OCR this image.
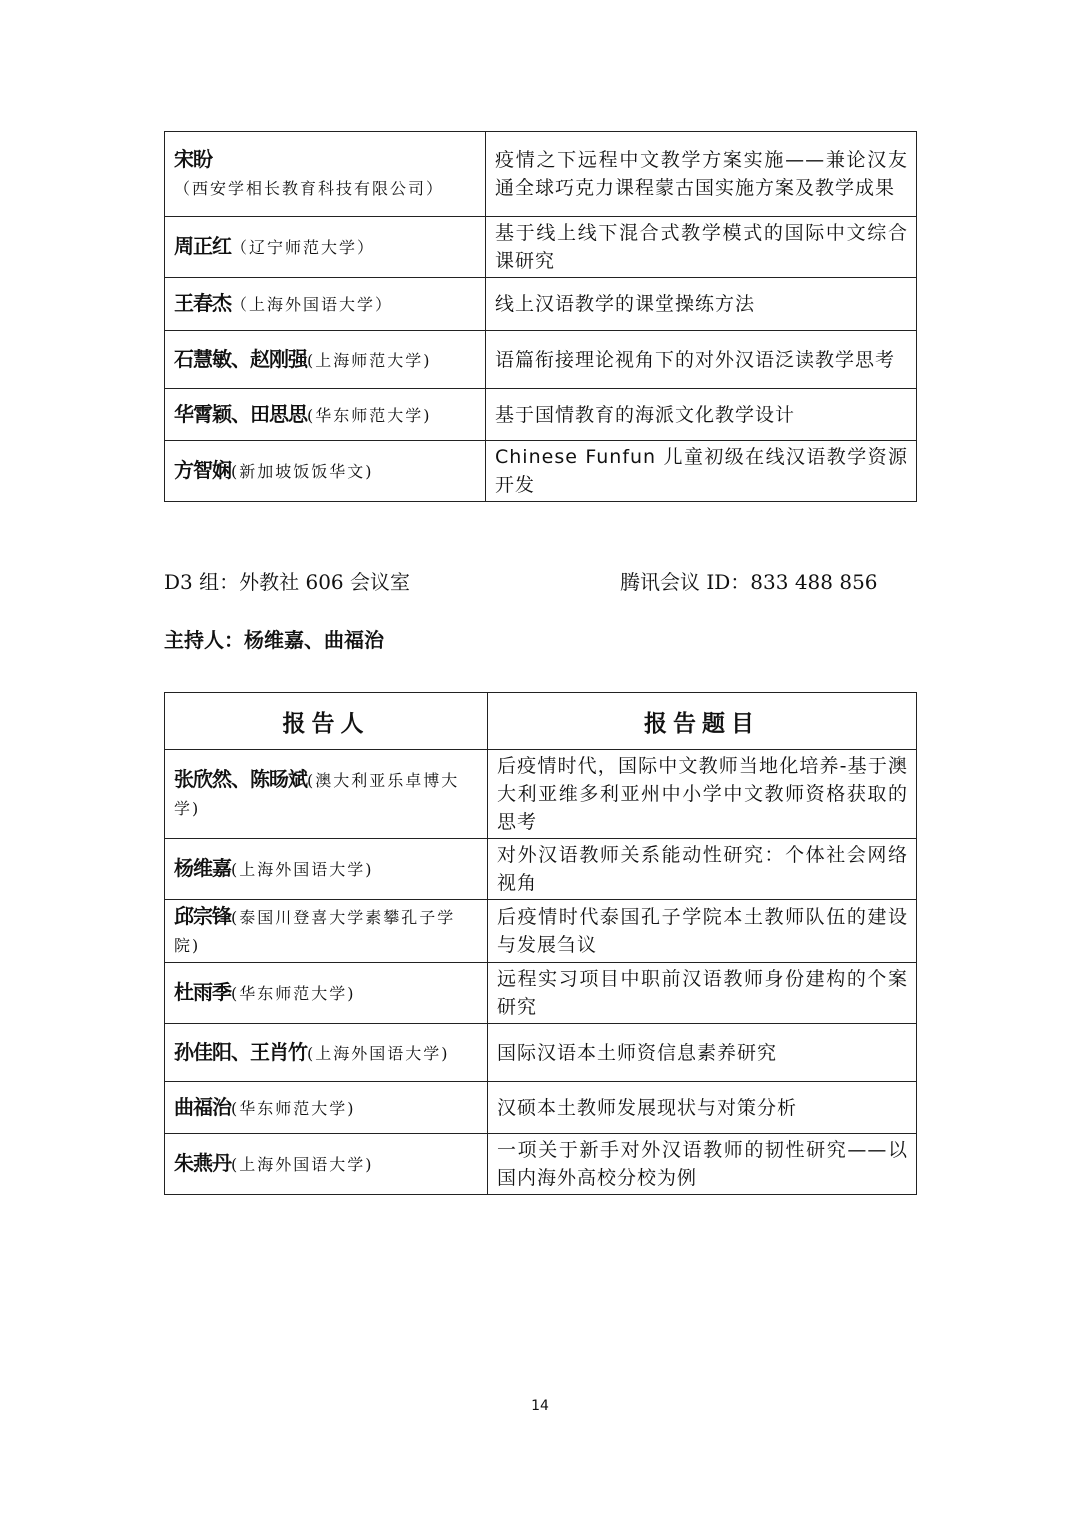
宋盼（西安学相长教育科技有限公司）	疫情之下远程中文教学方案实施——兼论汉友通全球巧克力课程蒙古国实施方案及教学成果
周正红（辽宁师范大学）	基于线上线下混合式教学模式的国际中文综合课研究
王春杰（上海外国语大学）	线上汉语教学的课堂操练方法
石慧敏、赵刚强(上海师范大学)	语篇衔接理论视角下的对外汉语泛读教学思考
华霄颖、田思思(华东师范大学)	基于国情教育的海派文化教学设计
方智娴(新加坡饭饭华文)	Chinese Funfun 儿童初级在线汉语教学资源开发
D3 组：外教社 606 会议室	腾讯会议 ID：833 488 856
主持人：杨维嘉、曲福治
报告人	报告题目
张欣然、陈旸斌(澳大利亚乐卓博大学)	后疫情时代，国际中文教师当地化培养-基于澳大利亚维多利亚州中小学中文教师资格获取的思考
杨维嘉(上海外国语大学)	对外汉语教师关系能动性研究：个体社会网络视角
邱宗锋(泰国川登喜大学素攀孔子学院)	后疫情时代泰国孔子学院本土教师队伍的建设与发展刍议
杜雨季(华东师范大学)	远程实习项目中职前汉语教师身份建构的个案研究
孙佳阳、王肖竹(上海外国语大学)	国际汉语本土师资信息素养研究
曲福治(华东师范大学)	汉硕本土教师发展现状与对策分析
朱燕丹(上海外国语大学)	一项关于新手对外汉语教师的韧性研究——以国内海外高校分校为例
14
